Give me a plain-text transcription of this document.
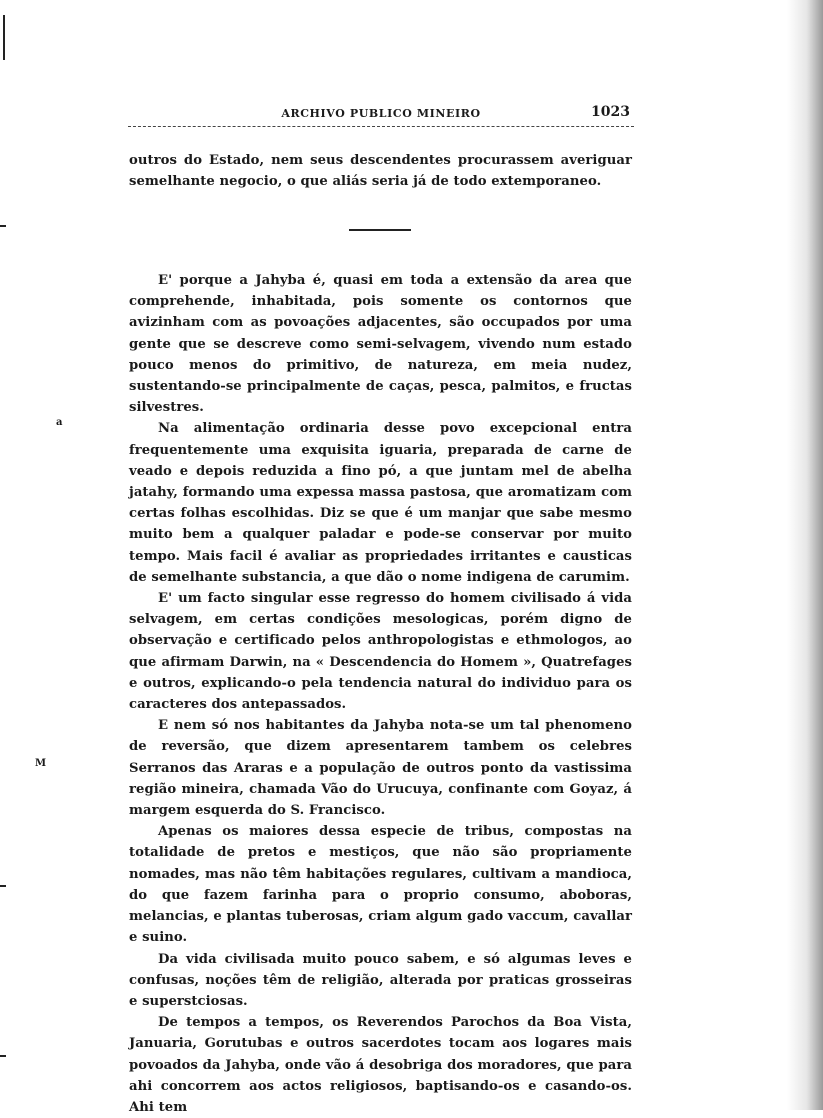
ARCHIVO PUBLICO MINEIRO	1023

outros do Estado, nem seus descendentes procurassem averiguar semelhante negocio, o que aliás seria já de todo extemporaneo.

E' porque a Jahyba é, quasi em toda a extensão da area que comprehende, inhabitada, pois somente os contornos que avizinham com as povoações adjacentes, são occupados por uma gente que se descreve como semi-selvagem, vivendo num estado pouco menos do primitivo, de natureza, em meia nudez, sustentando-se principalmente de caças, pesca, palmitos, e fructas silvestres.

Na alimentação ordinaria desse povo excepcional entra frequentemente uma exquisita iguaria, preparada de carne de veado e depois reduzida a fino pó, a que juntam mel de abelha jatahy, formando uma expessa massa pastosa, que aromatizam com certas folhas escolhidas. Diz se que é um manjar que sabe mesmo muito bem a qualquer paladar e pode-se conservar por muito tempo. Mais facil é avaliar as propriedades irritantes e causticas de semelhante substancia, a que dão o nome indigena de carumim.

E' um facto singular esse regresso do homem civilisado á vida selvagem, em certas condições mesologicas, porém digno de observação e certificado pelos anthropologistas e ethmologos, ao que afirmam Darwin, na « Descendencia do Homem », Quatrefages e outros, explicando-o pela tendencia natural do individuo para os caracteres dos antepassados.

E nem só nos habitantes da Jahyba nota-se um tal phenomeno de reversão, que dizem apresentarem tambem os celebres Serranos das Araras e a população de outros ponto da vastissima região mineira, chamada Vão do Urucuya, confinante com Goyaz, á margem esquerda do S. Francisco.

Apenas os maiores dessa especie de tribus, compostas na totalidade de pretos e mestiços, que não são propriamente nomades, mas não têm habitações regulares, cultivam a mandioca, do que fazem farinha para o proprio consumo, aboboras, melancias, e plantas tuberosas, criam algum gado vaccum, cavallar e suino.

Da vida civilisada muito pouco sabem, e só algumas leves e confusas, noções têm de religião, alterada por praticas grosseiras e superstciosas.

De tempos a tempos, os Reverendos Parochos da Boa Vista, Januaria, Gorutubas e outros sacerdotes tocam aos logares mais povoados da Jahyba, onde vão á desobriga dos moradores, que para ahi concorrem aos actos religiosos, baptisando-os e casando-os. Ahi tem

a
M
